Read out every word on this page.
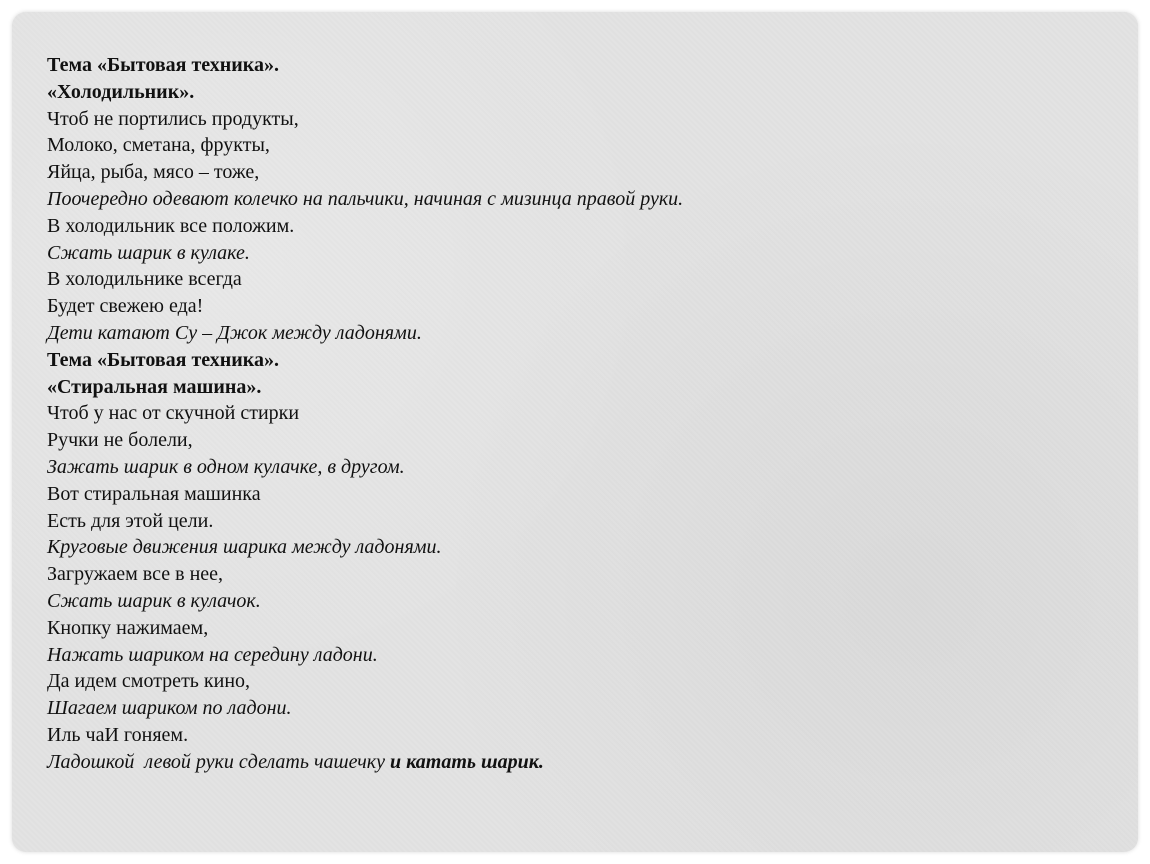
Тема «Бытовая техника».
«Холодильник».
Чтоб не портились продукты,
Молоко, сметана, фрукты,
Яйца, рыба, мясо – тоже,
Поочередно одевают колечко на пальчики, начиная с мизинца правой руки.
В холодильник все положим.
Сжать шарик в кулаке.
В холодильнике всегда
Будет свежею еда!
Дети катают Су – Джок между ладонями.
Тема «Бытовая техника».
«Стиральная машина».
Чтоб у нас от скучной стирки
Ручки не болели,
Зажать шарик в одном кулачке, в другом.
Вот стиральная машинка
Есть для этой цели.
Круговые движения шарика между ладонями.
Загружаем все в нее,
Сжать шарик в кулачок.
Кнопку нажимаем,
Нажать шариком на середину ладони.
Да идем смотреть кино,
Шагаем шариком по ладони.
Иль чаИ гоняем.
Ладошкой  левой руки сделать чашечку и катать шарик.
